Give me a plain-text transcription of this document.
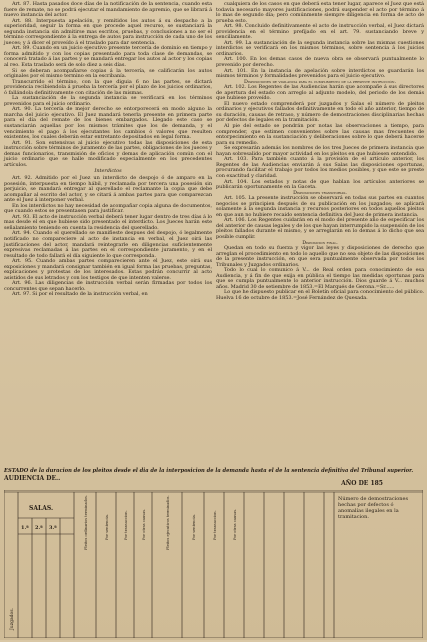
Art. 87. Hasta pasados doce días de la notificación de la sentencia, cuando esta fuere de remate, no se podrá ejecutar el mandamiento de apremio, que se librará á nuevo instancia del actor.

Art. 88. Interpuesta apelación, y remitidos los autos á su despacho a la superioridad, seguir la forma en que procede aquel recurso, se sustanciará la segunda instancia sin admitirse mas escritos, pruebas, y conclusiones a no ser el término correspondiente á la entrega de autos para instrucción de cada uno de los jueces; y á dicer el proveído á el traslado para dar sentencia.

Art. 89. Cuando en un juicio ejecutivo presente tercería de dominio en tiempo y forma admitido y con los copias presentado para toda clase de demandas, se conocerá tratado á las partes y se mandará entregar los autos al actor y los copias al reo. Esta traslado será de solo diez a seis días.

Si se deberan acompañarse copias á la tercería, se calificarán los autos originales por el mismo termino en la escribanía.

Transcurrido el término, con la que diguia 6 no las partes, se dictará providencia recibiendola á prueba la tercería por el plazo de los juicios ordinarios, ó fallándola definitivamente con citación de las mismas.

La sustanciación de la segunda instancia se verificará en los términos prevenidos para el juicio ordinario.

Art. 90. La tercería de mejor derecho se entorporecerá en modo alguno la marcha del juicio ejecutivo. El Juez mandará tenerla presente en primera parte para el día del remate de los bienes embargados. Llegado este caso se sustanciarán aquellas por los mismos trámites que los de demanda, y el vencimiento el pago á los ejecutantes los cambios ó valores que resulten existentes, los cuales deberán estar entretanto depositados en legal forma.

Art. 91. Son extensivas al juicio ejecutivo todas las disposiciones de esta instrucción sobre términos de juramento de las partes, obligaciones de los jueces y demas funcionarios, transmisión de oficios y demas de aplicación común con el juicio ordinario que se halle modificado especialmente en los precedentes artículos.

Interdictos

Art. 92. Admitido por el Juez un interdicto de despojo ó de amparo en la posesión, interpuesta en tiempo hábil, y reclamada por tercera una posesión sin perjuicio, se mandará entregar al querellado el reclamante la copia que debe acompañar al escrito del actor, y se citará á ambas partes para que comparezcan ante el Juez á interponer verbal.

En los interdictos no hay necesidad de acompañar copia alguna de documentos, que cuando estos se presentasen para justificar.

Art. 93. El acto de instrucción verbal deberá tener lugar dentro de tres días á lo mas desde el en que hubiese sido presentado el interdicto. Los Jueces harán este señalamiento teniendo en cuenta la residencia del querellado.

Art. 94. Cuando el querellado se manifieste despues del despojo, ó legalmente notificado no compareciere al acto de instancia en verbal, el Juez oirá las justificaciones del actor, mandará reintegrarle en diligencias suficientemente expresivas reclamadas á las partes en el correspondiente juramento, y en el resultado de todo fallará el día siguiente lo que corresponda.

Art. 95. Cuando ambas partes comparecieren ante el Juez, este oirá sus exposiciones y mandará consignar también en igual forma las pruebas, preguntas, explicaciones y protestas de los interesados. Estas podrán concurrir al acto asistidos de sus letrados y con los testigos de que intenten valerse.

Art. 96. Las diligencias de instrucción verbal serán firmadas por todos los concurrentes que sepan hacerlo.

Art. 97. Si por el resultado de la instrucción verbal, en

cualquiera de los casos en que deberá esta tener lugar, aparece el Juez que está todavía necesario mayores justificaciones, podrá suspender el acto por término á lo mas de segundo día; pero comúnmente siempre diligencia en forma de acto de prueba esto.

Art. 98. Concluido definitivamente el acto de instrucción verbal, el Juez dictará providencia en el término prefijado en el art. 79. sustanciando breve y sencillamente.

Art. 99. La sustanciación de la segunda instancia sobre las mismas cuestiones interdictos se verificará en los mismos términos, sobre sentencia á los juicios ordinarios.

Art. 100. En los demas casos de nueva obra se observará puntualmente lo prevenido por derecho.

Art. 101. En la instancia de apelación sobre interdictos se guardarán los mismos términos y formalidades prevenidos para el juicio ejecutivo.

Disposiciones de vigilancia para el cumplimiento de la presente instrucción.

Art. 102. Los Regentes de las Audiencias harán que acompañe á sus directores de apertura del estado con arreglo al adjunto modelo, del periodo de los demás que hubiese proveído.

El nuevo estado comprenderá por juzgados y Salas el número de pleitos ordinarios y ejecutivos fallados definitivamente en todo el año anterior, tiempo de su duración, causas de retraso, y número de demostraciones disciplinarias hechas por defectos de legales en la tramitación.

Al pie del estado se pondrán por notas las observaciones a tiempo, para comprender, que estimen convenientes sobre las causas mas frecuentes de entorpecimiento en la sustanciación y deliberaciones sobre lo que deberá hacerse para su remedio.

Se expresarán además los nombres de los tres Jueces de primera instancia que hayan sobresalido por mayor actividad en los pleitos en que hubiesen entendido.

Art. 103. Para también cuanto á la provisión de el artículo anterior, los Regentes de las Audiencias enviarán á sus Salas las disposiciones oportunas, procurando facilitar el trabajo por todos los medios posibles, y que este se preste con exactitud y claridad.

Art. 104. Los estados y notas de que hablan los artículos anteriores se publicarán oportunamente en la Gaceta.

Disposiciones transitorias.

Art. 105. La presente instrucción se observará en todas sus partes en cuantos negocios se principien después de su publicación en los juzgados; se aplicará solamente á la segunda instancia y recursos posteriores en todos aquellos pleitos en que aun no hubiere recaido sentencia definitiva del Juez de primera instancia.

Art. 106. Los Regentes cuidarán en el modo del presente año de especificar los del anterior de causas legales y de los que hayan interrumpido la suspensión de los pleitos fallados durante el mismo, y se arreglarán en lo demas á lo dicho que sea posible cumplir.

Disposicion final.

Quedan en todo su fuerza y vigor las leyes y disposiciones de derecho que arreglan el procedimiento en todo lo aquello que no sea objeto de las disposiciones de la presente instrucción, en que sera puntualmente observada por todos los Tribunales y Juzgados ordinarios.

Todo lo cual lo comunico á V... de Real orden para conocimiento de esa Audiencia, y á fin de que exija en pública el tiempo las medidas oportunas para que se cumpla puntualmente lo anterior instrucción. Dios guarde á V... muchos años. Madrid 30 de setiembre de 1853.=El Marqués de Gerona.=Sr......

Lo que he dispuesto publicar en el Boletín oficial para conocimiento del público. Huelva 16 de octubre de 1853.=José Fernández de Quesada.

ESTADO de la duracion de los pleitos desde el dia de la interposicion de la demanda hasta el de la sentencia definitiva del Tribunal superior.
AUDIENCIA DE..
AÑO DE 185
SALAS.
1.ª 2.ª 3.ª
Juzgados.
Pleitos ordinarios terminados.	Por sentencia.	Por transaccion.	Por otras causas.	Pleitos ejecutivos terminados.	Por sentencia.	Por transaccion.	Por otras causas.
Número de demostraciones hechas por defectos ó anomalías ilegales en la tramitacion.
